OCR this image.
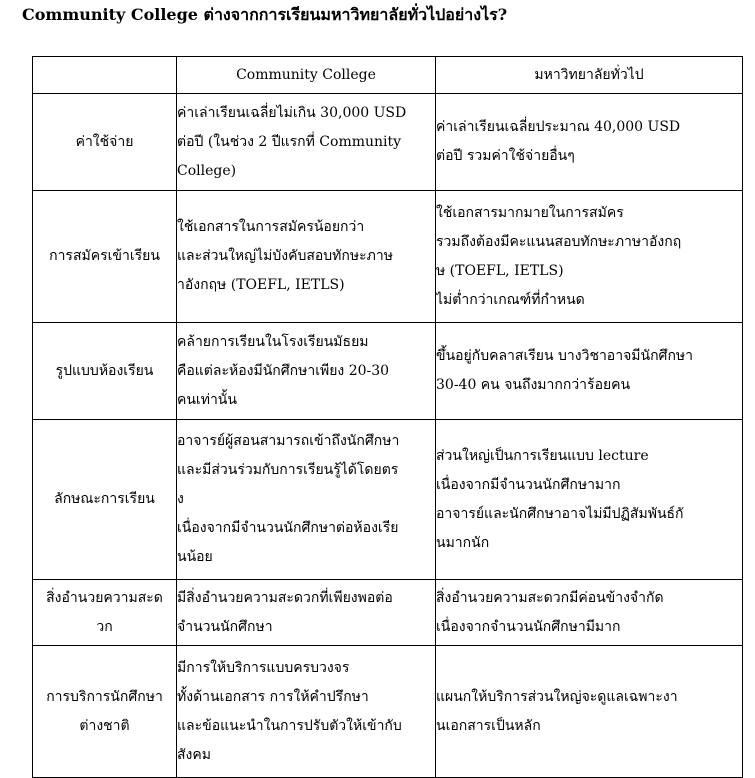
Community College ต่างจากการเรียนมหาวิทยาลัยทั่วไปอย่างไร?
	Community College	มหาวิทยาลัยทั่วไป

ค่าใช้จ่าย	ค่าเล่าเรียนเฉลี่ยไม่เกิน 30,000 USD
ต่อปี (ในช่วง 2 ปีแรกที่ Community
College)	ค่าเล่าเรียนเฉลี่ยประมาณ 40,000 USD
ต่อปี รวมค่าใช้จ่ายอื่นๆ

การสมัครเข้าเรียน	ใช้เอกสารในการสมัครน้อยกว่า
และส่วนใหญ่ไม่บังคับสอบทักษะภาษ
าอังกฤษ (TOEFL, IETLS)	ใช้เอกสารมากมายในการสมัคร
รวมถึงต้องมีคะแนนสอบทักษะภาษาอังกฤ
ษ (TOEFL, IETLS)
ไม่ต่ำกว่าเกณฑ์ที่กำหนด

รูปแบบห้องเรียน	คล้ายการเรียนในโรงเรียนมัธยม
คือแต่ละห้องมีนักศึกษาเพียง 20-30
คนเท่านั้น	ขึ้นอยู่กับคลาสเรียน บางวิชาอาจมีนักศึกษา
30-40 คน จนถึงมากกว่าร้อยคน

ลักษณะการเรียน	อาจารย์ผู้สอนสามารถเข้าถึงนักศึกษา
และมีส่วนร่วมกับการเรียนรู้ได้โดยตร
ง
เนื่องจากมีจำนวนนักศึกษาต่อห้องเรีย
นน้อย	ส่วนใหญ่เป็นการเรียนแบบ lecture
เนื่องจากมีจำนวนนักศึกษามาก
อาจารย์และนักศึกษาอาจไม่มีปฏิสัมพันธ์กั
นมากนัก

สิ่งอำนวยความสะด
วก	มีสิ่งอำนวยความสะดวกที่เพียงพอต่อ
จำนวนนักศึกษา	สิ่งอำนวยความสะดวกมีค่อนข้างจำกัด
เนื่องจากจำนวนนักศึกษามีมาก

การบริการนักศึกษา
ต่างชาติ	มีการให้บริการแบบครบวงจร
ทั้งด้านเอกสาร การให้คำปรึกษา
และข้อแนะนำในการปรับตัวให้เข้ากับ
สังคม	แผนกให้บริการส่วนใหญ่จะดูแลเฉพาะงา
นเอกสารเป็นหลัก
